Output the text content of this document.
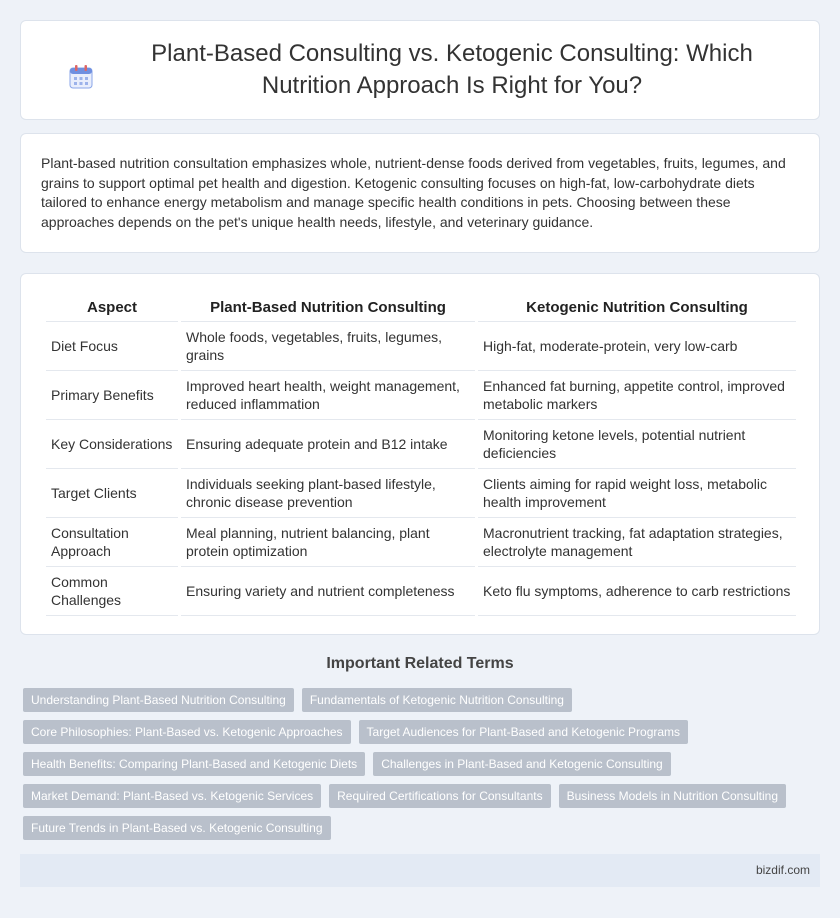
Plant-Based Consulting vs. Ketogenic Consulting: Which Nutrition Approach Is Right for You?

Plant-based nutrition consultation emphasizes whole, nutrient-dense foods derived from vegetables, fruits, legumes, and grains to support optimal pet health and digestion. Ketogenic consulting focuses on high-fat, low-carbohydrate diets tailored to enhance energy metabolism and manage specific health conditions in pets. Choosing between these approaches depends on the pet's unique health needs, lifestyle, and veterinary guidance.

Aspect	Plant-Based Nutrition Consulting	Ketogenic Nutrition Consulting
Diet Focus	Whole foods, vegetables, fruits, legumes, grains	High-fat, moderate-protein, very low-carb
Primary Benefits	Improved heart health, weight management, reduced inflammation	Enhanced fat burning, appetite control, improved metabolic markers
Key Considerations	Ensuring adequate protein and B12 intake	Monitoring ketone levels, potential nutrient deficiencies
Target Clients	Individuals seeking plant-based lifestyle, chronic disease prevention	Clients aiming for rapid weight loss, metabolic health improvement
Consultation Approach	Meal planning, nutrient balancing, plant protein optimization	Macronutrient tracking, fat adaptation strategies, electrolyte management
Common Challenges	Ensuring variety and nutrient completeness	Keto flu symptoms, adherence to carb restrictions
Important Related Terms
Understanding Plant-Based Nutrition Consulting	Fundamentals of Ketogenic Nutrition Consulting
Core Philosophies: Plant-Based vs. Ketogenic Approaches	Target Audiences for Plant-Based and Ketogenic Programs
Health Benefits: Comparing Plant-Based and Ketogenic Diets	Challenges in Plant-Based and Ketogenic Consulting
Market Demand: Plant-Based vs. Ketogenic Services	Required Certifications for Consultants	Business Models in Nutrition Consulting
Future Trends in Plant-Based vs. Ketogenic Consulting
bizdif.com
